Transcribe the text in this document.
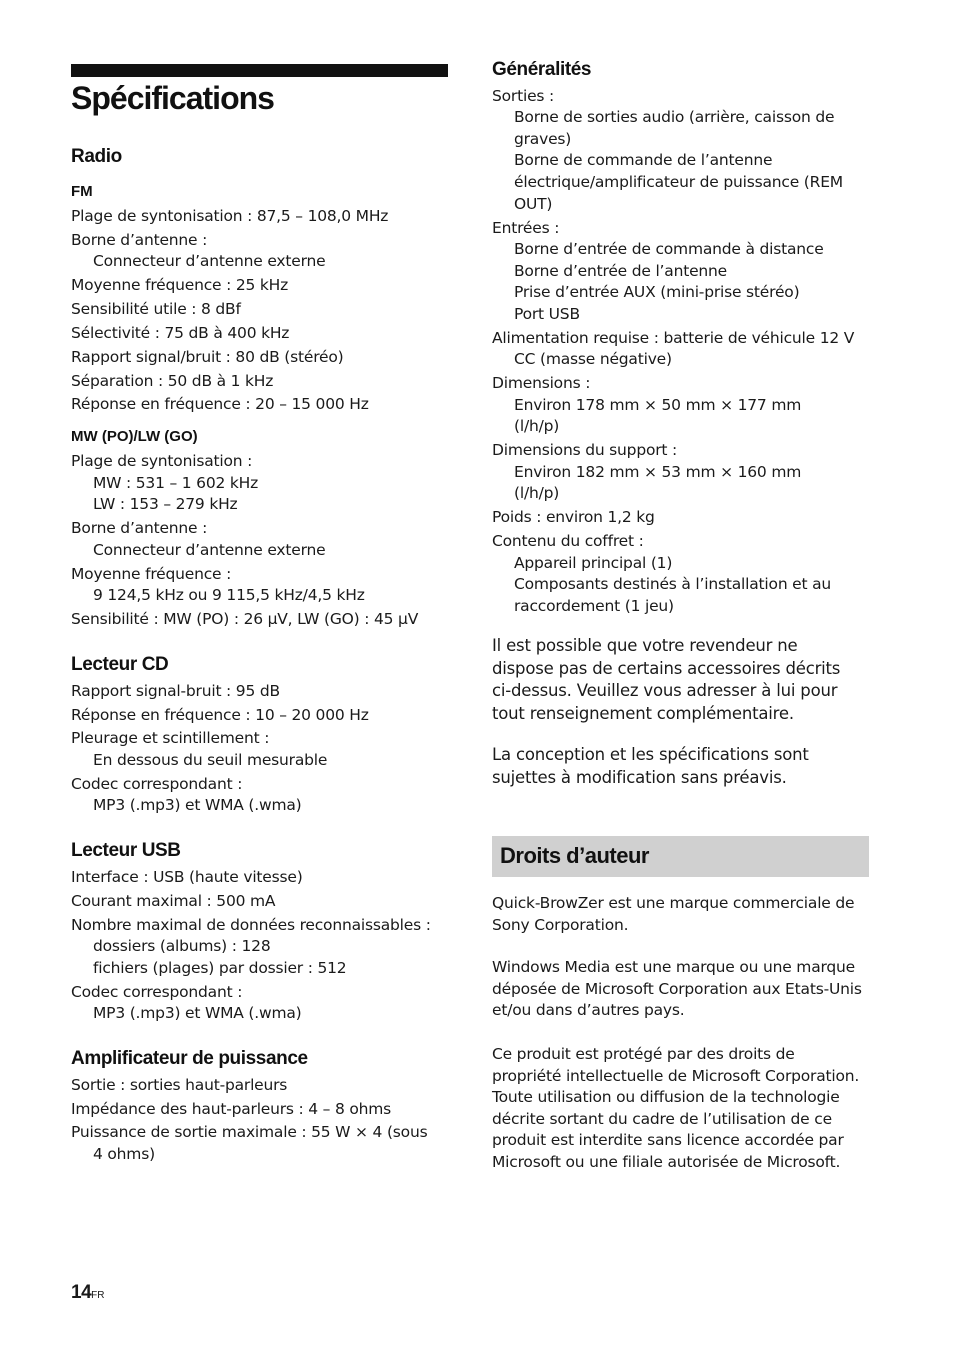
Spécifications
Radio
FM

Plage de syntonisation : 87,5 – 108,0 MHz

Borne d’antenne :

Connecteur d’antenne externe

Moyenne fréquence : 25 kHz

Sensibilité utile : 8 dBf

Sélectivité : 75 dB à 400 kHz

Rapport signal/bruit : 80 dB (stéréo)

Séparation : 50 dB à 1 kHz

Réponse en fréquence : 20 – 15 000 Hz

MW (PO)/LW (GO)

Plage de syntonisation :

MW : 531 – 1 602 kHz

LW : 153 – 279 kHz

Borne d’antenne :

Connecteur d’antenne externe

Moyenne fréquence :

9 124,5 kHz ou 9 115,5 kHz/4,5 kHz

Sensibilité : MW (PO) : 26 µV, LW (GO) : 45 µV

Lecteur CD

Rapport signal-bruit : 95 dB

Réponse en fréquence : 10 – 20 000 Hz

Pleurage et scintillement :

En dessous du seuil mesurable

Codec correspondant :

MP3 (.mp3) et WMA (.wma)

Lecteur USB

Interface : USB (haute vitesse)

Courant maximal : 500 mA

Nombre maximal de données reconnaissables :

dossiers (albums) : 128

fichiers (plages) par dossier : 512

Codec correspondant :

MP3 (.mp3) et WMA (.wma)

Amplificateur de puissance

Sortie : sorties haut-parleurs

Impédance des haut-parleurs : 4 – 8 ohms

Puissance de sortie maximale : 55 W × 4 (sous

4 ohms)

Généralités

Sorties :

Borne de sorties audio (arrière, caisson de

graves)

Borne de commande de l’antenne

électrique/amplificateur de puissance (REM

OUT)

Entrées :

Borne d’entrée de commande à distance

Borne d’entrée de l’antenne

Prise d’entrée AUX (mini-prise stéréo)

Port USB

Alimentation requise : batterie de véhicule 12 V

CC (masse négative)

Dimensions :

Environ 178 mm × 50 mm × 177 mm

(l/h/p)

Dimensions du support :

Environ 182 mm × 53 mm × 160 mm

(l/h/p)

Poids : environ 1,2 kg

Contenu du coffret :

Appareil principal (1)

Composants destinés à l’installation et au

raccordement (1 jeu)

Il est possible que votre revendeur ne dispose pas de certains accessoires décrits ci-dessus. Veuillez vous adresser à lui pour tout renseignement complémentaire.

La conception et les spécifications sont sujettes à modification sans préavis.

Droits d’auteur

Quick-BrowZer est une marque commerciale de Sony Corporation.

Windows Media est une marque ou une marque déposée de Microsoft Corporation aux Etats-Unis et/ou dans d’autres pays.

Ce produit est protégé par des droits de propriété intellectuelle de Microsoft Corporation. Toute utilisation ou diffusion de la technologie décrite sortant du cadre de l’utilisation de ce produit est interdite sans licence accordée par Microsoft ou une filiale autorisée de Microsoft.

14FR
